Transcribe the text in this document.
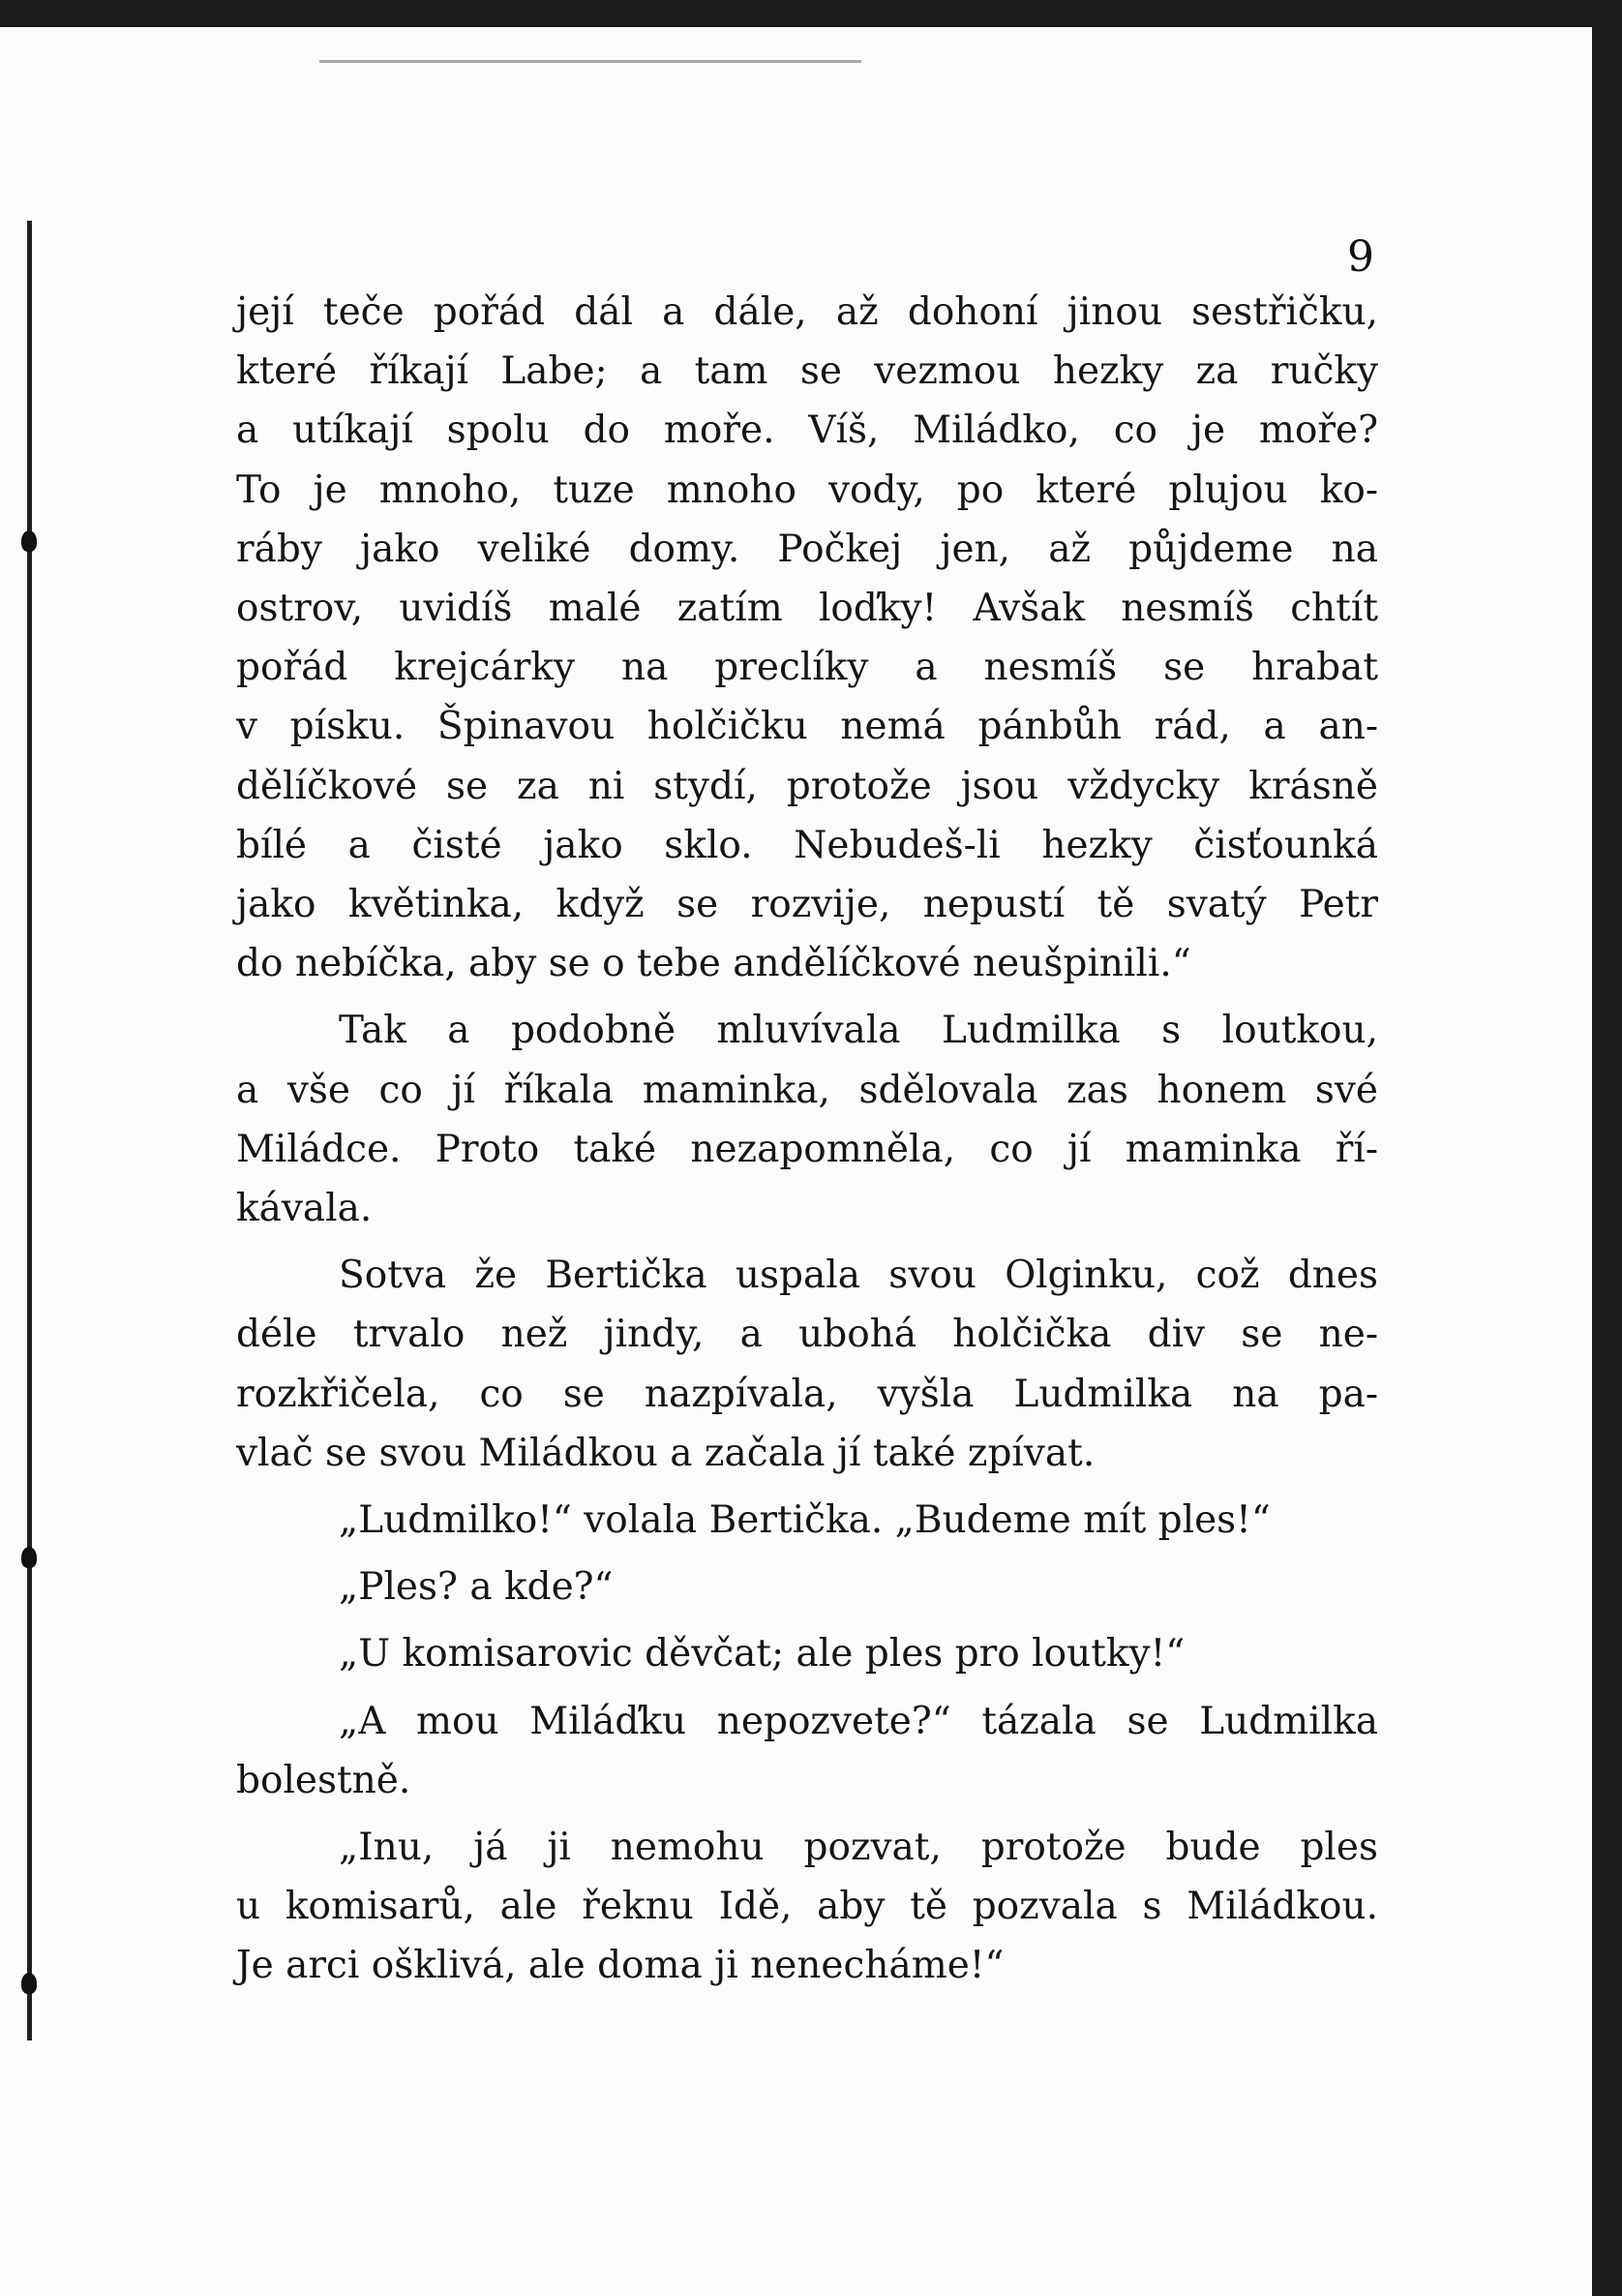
9

její teče pořád dál a dále, až dohoní jinou sestřičku,
které říkají Labe; a tam se vezmou hezky za ručky
a utíkají spolu do moře. Víš, Miládko, co je moře?
To je mnoho, tuze mnoho vody, po které plujou ko-
ráby jako veliké domy. Počkej jen, až půjdeme na
ostrov, uvidíš malé zatím loďky! Avšak nesmíš chtít
pořád krejcárky na preclíky a nesmíš se hrabat
v písku. Špinavou holčičku nemá pánbůh rád, a an-
dělíčkové se za ni stydí, protože jsou vždycky krásně
bílé a čisté jako sklo. Nebudeš-li hezky čisťounká
jako květinka, když se rozvije, nepustí tě svatý Petr
do nebíčka, aby se o tebe andělíčkové neušpinili.“

Tak a podobně mluvívala Ludmilka s loutkou,
a vše co jí říkala maminka, sdělovala zas honem své
Miládce. Proto také nezapomněla, co jí maminka ří-
kávala.

Sotva že Bertička uspala svou Olginku, což dnes
déle trvalo než jindy, a ubohá holčička div se ne-
rozkřičela, co se nazpívala, vyšla Ludmilka na pa-
vlač se svou Miládkou a začala jí také zpívat.

„Ludmilko!“ volala Bertička. „Budeme mít ples!“

„Ples? a kde?“

„U komisarovic děvčat; ale ples pro loutky!“

„A mou Miláďku nepozvete?“ tázala se Ludmilka
bolestně.

„Inu, já ji nemohu pozvat, protože bude ples
u komisarů, ale řeknu Idě, aby tě pozvala s Miládkou.
Je arci ošklivá, ale doma ji nenecháme!“
